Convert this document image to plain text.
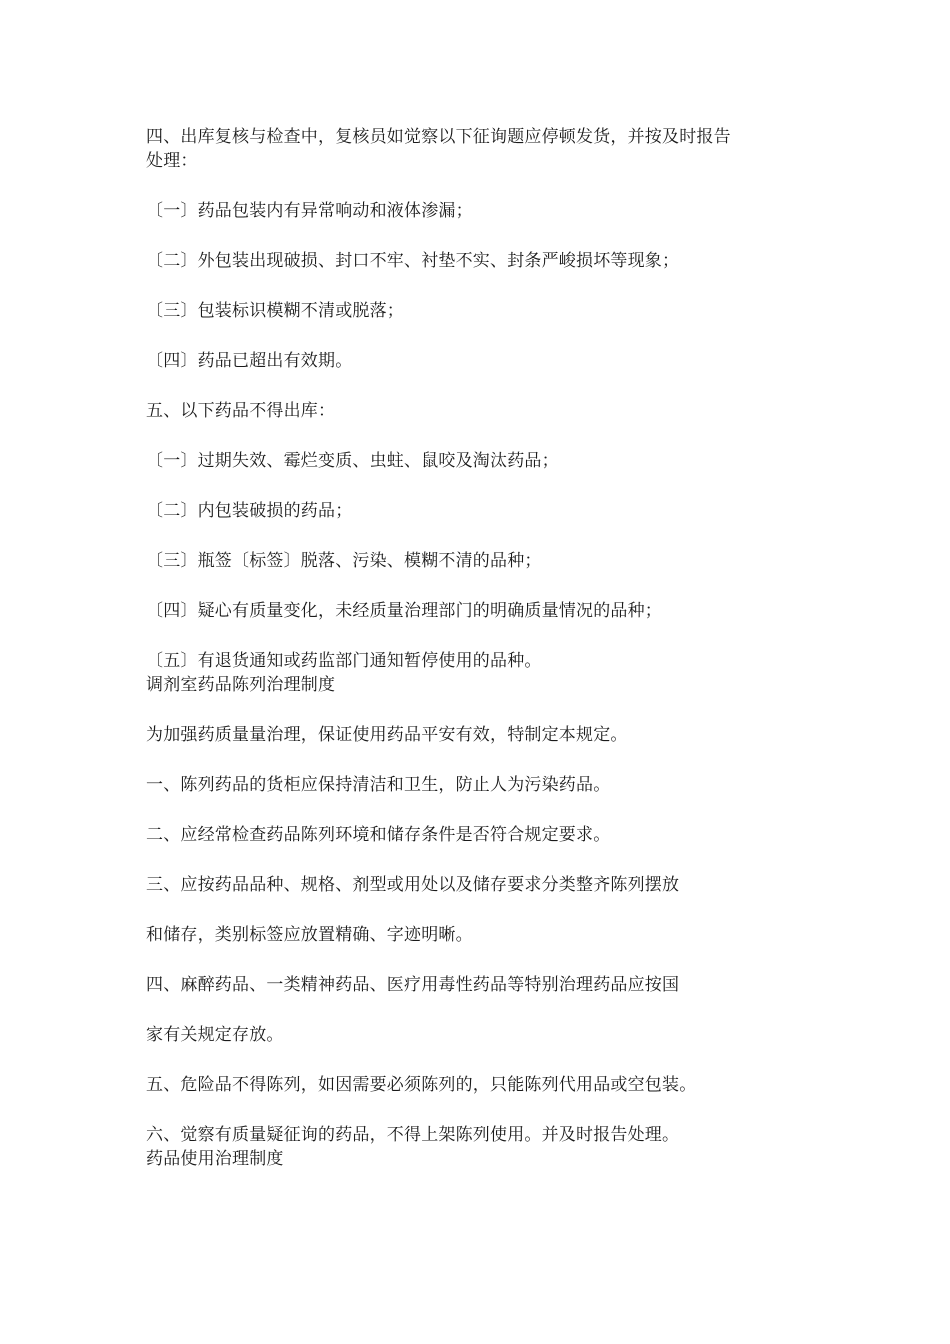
四、出库复核与检查中，复核员如觉察以下征询题应停顿发货，并按及时报告
处理：
〔一〕药品包装内有异常响动和液体渗漏；
〔二〕外包装出现破损、封口不牢、衬垫不实、封条严峻损坏等现象；
〔三〕包装标识模糊不清或脱落；
〔四〕药品已超出有效期。
五、以下药品不得出库：
〔一〕过期失效、霉烂变质、虫蛀、鼠咬及淘汰药品；
〔二〕内包装破损的药品；
〔三〕瓶签〔标签〕脱落、污染、模糊不清的品种；
〔四〕疑心有质量变化，未经质量治理部门的明确质量情况的品种；
〔五〕有退货通知或药监部门通知暂停使用的品种。
调剂室药品陈列治理制度
为加强药质量量治理，保证使用药品平安有效，特制定本规定。
一、陈列药品的货柜应保持清洁和卫生，防止人为污染药品。
二、应经常检查药品陈列环境和储存条件是否符合规定要求。
三、应按药品品种、规格、剂型或用处以及储存要求分类整齐陈列摆放
和储存，类别标签应放置精确、字迹明晰。
四、麻醉药品、一类精神药品、医疗用毒性药品等特别治理药品应按国
家有关规定存放。
五、危险品不得陈列，如因需要必须陈列的，只能陈列代用品或空包装。
六、觉察有质量疑征询的药品，不得上架陈列使用。并及时报告处理。
药品使用治理制度
